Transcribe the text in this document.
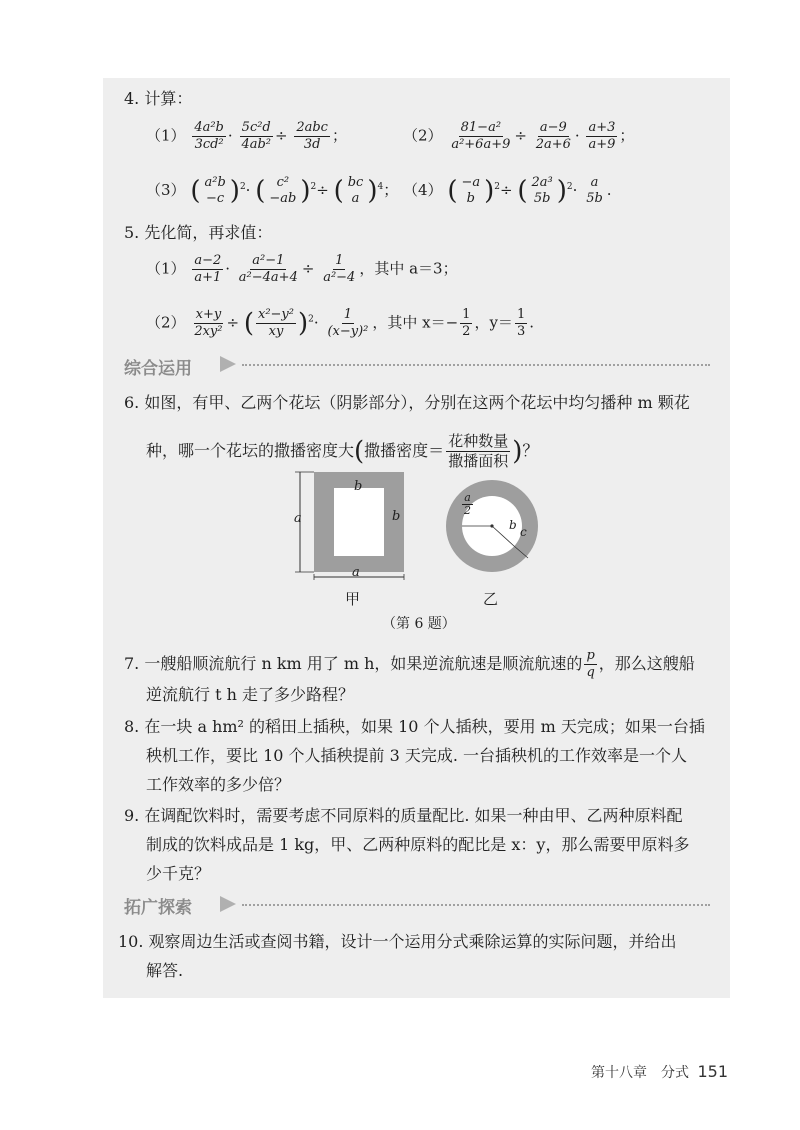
4. 计算：
$(1) \frac{\text{4a²b}}{\text{3cd²}} \cdot \frac{\text{5c²d}}{\text{4ab²}} \div \frac{\text{2abc}}{3d}$ ；	$(2) \frac{\text{81−a²}}{\text{a²+6a+9}} \div \frac{a-9}{2a+6} \cdot \frac{a+3}{a+9}$ ；
（3） ( a²b
−c )$^2$· ( c²
−ab )$^2$÷ ( bc
a )$^4$； （4） ( −a
b )$^2$÷ ( 2a³
5b )$^2$· a
5b .
5. 先化简，再求值：
$(1) \frac{a-2}{a+1} \cdot \frac{\text{a²−1}}{\text{a²−4a+4}} \div \frac{1}{\text{a²−4}}$ ，其中 a＝3；
$(2) \frac{x+y}{\text{2xy²}}$ ÷ ( $\frac{\text{x²−y²}}{xy} )^2\cdot \frac{1}{\text{(x−y)²}}$ ，其中 $x=- \frac{1}{2}$ ，$y= \frac{1}{3}$ .
综合运用
6. 如图，有甲、乙两个花坛（阴影部分），分别在这两个花坛中均匀播种 m 颗花
种，哪一个花坛的撒播密度大(撒播密度＝ $\frac{\text{花种数量}}{\text{撒播面积}}$ )？
a
b
b
a
$\frac{a}{2}$
b c
甲	乙
（第 6 题）
7. 一艘船顺流航行 n km 用了 m h，如果逆流航速是顺流航速的 $\frac{p}{q}$ ，那么这艘船
逆流航行 t h 走了多少路程？
8. 在一块 a hm² 的稻田上插秧，如果 10 个人插秧，要用 m 天完成；如果一台插
秧机工作，要比 10 个人插秧提前 3 天完成. 一台插秧机的工作效率是一个人
工作效率的多少倍？
9. 在调配饮料时，需要考虑不同原料的质量配比. 如果一种由甲、乙两种原料配
制成的饮料成品是 1 kg，甲、乙两种原料的配比是 x：y，那么需要甲原料多
少千克？
拓广探索
10. 观察周边生活或查阅书籍，设计一个运用分式乘除运算的实际问题，并给出
解答.
第十八章　分式 151
